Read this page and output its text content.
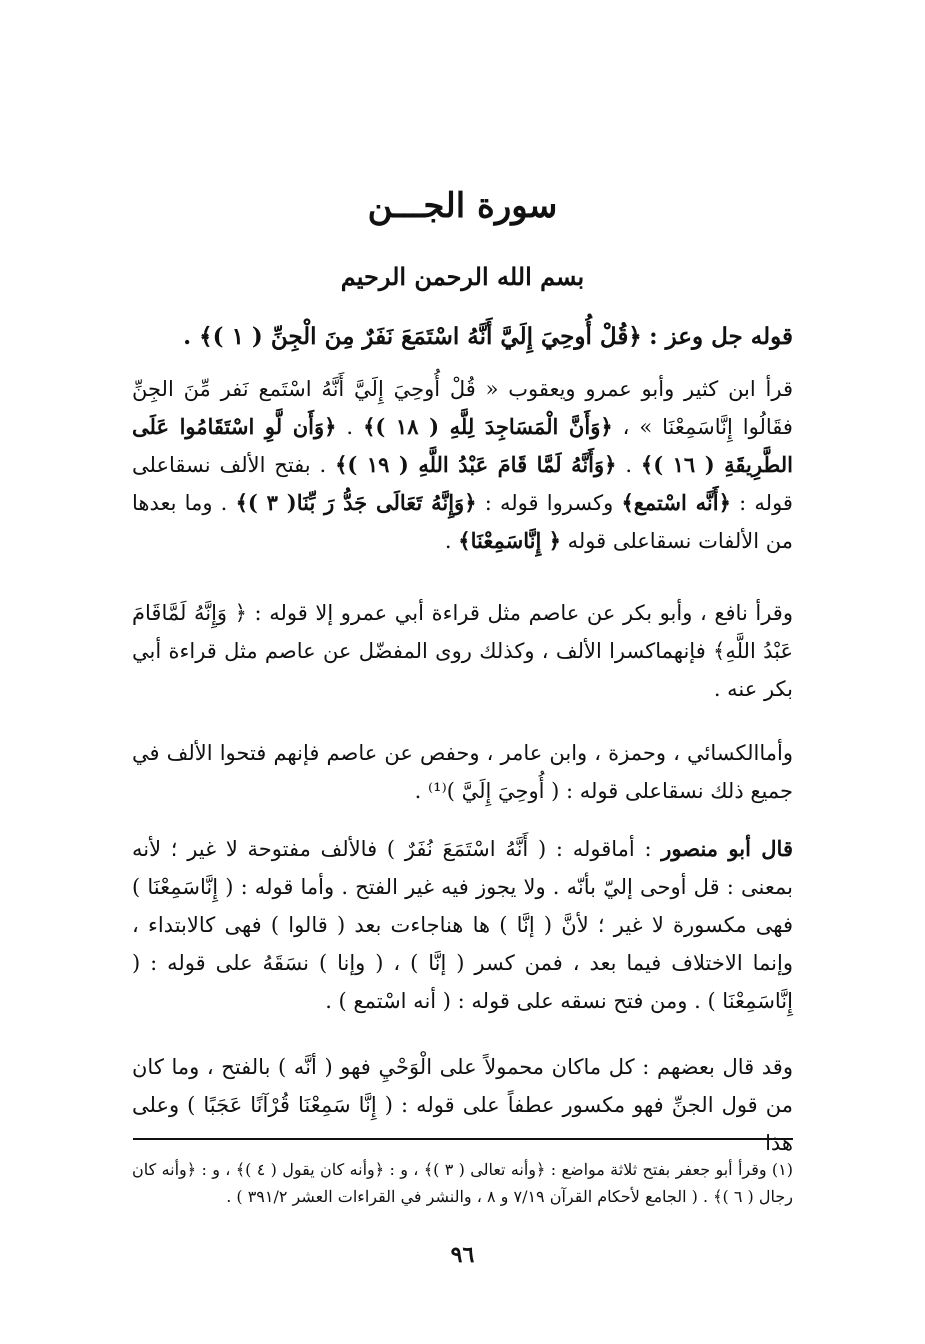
سورة الجـــن
بسم الله الرحمن الرحيم

قوله جل وعز : ﴿قُلْ أُوحِيَ إِلَيَّ أَنَّهُ اسْتَمَعَ نَفَرٌ مِنَ الْجِنِّ ( ١ )﴾ .

قرأ ابن كثير وأبو عمرو ويعقوب « قُلْ أُوحِيَ إِلَيَّ أَنَّهُ اسْتَمع نَفر مِّنَ الجِنِّ فقَالُوا إِنَّاسَمِعْنَا » ، ﴿وَأَنَّ الْمَسَاجِدَ لِلَّهِ ( ١٨ )﴾ . ﴿وَأَن لَّوِ اسْتَقَامُوا عَلَى الطَّرِيقَةِ ( ١٦ )﴾ . ﴿وَأَنَّهُ لَمَّا قَامَ عَبْدُ اللَّهِ ( ١٩ )﴾ . بفتح الألف نسقاعلى قوله : ﴿أَنَّه اسْتمع﴾ وكسروا قوله : ﴿وَإِنَّهُ تَعَالَى جَدُّ رَ بِّنَا( ٣ )﴾ . وما بعدها من الألفات نسقاعلى قوله ﴿ إِنَّاسَمِعْنَا﴾ .

وقرأ نافع ، وأبو بكر عن عاصم مثل قراءة أبي عمرو إلا قوله : ﴿ وَإِنَّهُ لَمَّاقَامَ عَبْدُ اللَّهِ﴾ فإنهماكسرا الألف ، وكذلك روى المفضّل عن عاصم مثل قراءة أبي بكر عنه .

وأماالكسائي ، وحمزة ، وابن عامر ، وحفص عن عاصم فإنهم فتحوا الألف في جميع ذلك نسقاعلى قوله : ( أُوحِيَ إِلَيَّ )⁽¹⁾ .

قال أبو منصور : أماقوله : ( أَنَّهُ اسْتَمَعَ نُفَرٌ ) فالألف مفتوحة لا غير ؛ لأنه بمعنى : قل أوحى إليّ بأنّه . ولا يجوز فيه غير الفتح . وأما قوله : ( إِنَّاسَمِعْنَا ) فهى مكسورة لا غير ؛ لأنَّ ( إنَّا ) ها هناجاءت بعد ( قالوا ) فهى كالابتداء ، وإنما الاختلاف فيما بعد ، فمن كسر ( إنَّا ) ، ( وإنا ) نسَقَهُ على قوله : ( إِنَّاسَمِعْنَا ) . ومن فتح نسقه على قوله : ( أنه اسْتمع ) .

وقد قال بعضهم : كل ماكان محمولاً على الْوَحْيِ فهو ( أنَّه ) بالفتح ، وما كان من قول الجنِّ فهو مكسور عطفاً على قوله : ( إِنَّا سَمِعْنَا قُرْآنًا عَجَبًا ) وعلى هذا

(١) وقرأ أبو جعفر بفتح ثلاثة مواضع : ﴿وأنه تعالى ( ٣ )﴾ ، و : ﴿وأنه كان يقول ( ٤ )﴾ ، و : ﴿وأنه كان رجال ( ٦ )﴾ . ( الجامع لأحكام القرآن ٧/١٩ و ٨ ، والنشر في القراءات العشر ٣٩١/٢ ) .
٩٦
